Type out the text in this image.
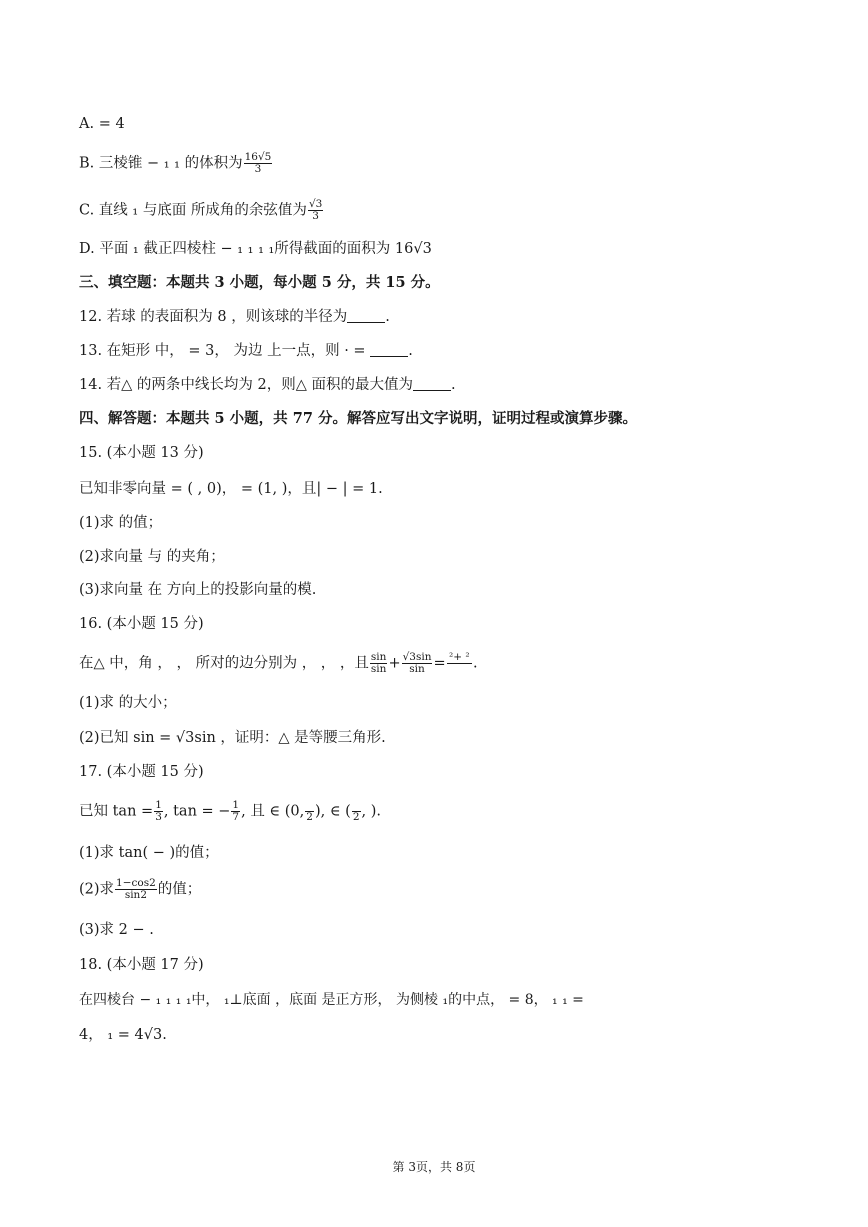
A. = 4
B. 三棱锥 − ₁ ₁ 的体积为 $\frac{16√5}{3}$
C. 直线 ₁ 与底面 所成角的余弦值为 $\frac{√3}{3}$
D. 平面 ₁ 截正四棱柱 − ₁ ₁ ₁ ₁所得截面的面积为 16√3
三、填空题：本题共 3 小题，每小题 5 分，共 15 分。
12. 若球 的表面积为 8 ，则该球的半径为	.
13. 在矩形 中， = 3， 为边 上一点，则 · =	.
14. 若△ 的两条中线长均为 2，则△ 面积的最大值为	.
四、解答题：本题共 5 小题，共 77 分。解答应写出文字说明，证明过程或演算步骤。
15. (本小题 13 分)
已知非零向量 = ( , 0)， = (1, )，且| − | = 1.
(1)求 的值；
(2)求向量 与 的夹角；
(3)求向量 在 方向上的投影向量的模.
16. (本小题 15 分)
在△ 中，角 ， ， 所对的边分别为 ， ， ，且 $\frac{\sin}{\sin} + \frac{√3\sin}{\sin} = ^2+ ^2$
.
(1)求 的大小；
(2)已知 sin = √3sin ，证明：△ 是等腰三角形.
17. (本小题 15 分)
已知 $\tan = \frac{1}{3}$ , tan = − $\frac{1}{7}$ , 且 ∈ (0,
2 ), ∈ (
2 , ).
(1)求 tan( − )的值；
(2)求 $\frac{1-\cos 2}{\sin 2}$ 的值；
(3)求 2 − .
18. (本小题 17 分)
在四棱台 − ₁ ₁ ₁ ₁中， ₁⊥底面 ，底面 是正方形， 为侧棱 ₁的中点， = 8， ₁ ₁ =
4， ₁ = 4√3.
第 3页，共 8页
